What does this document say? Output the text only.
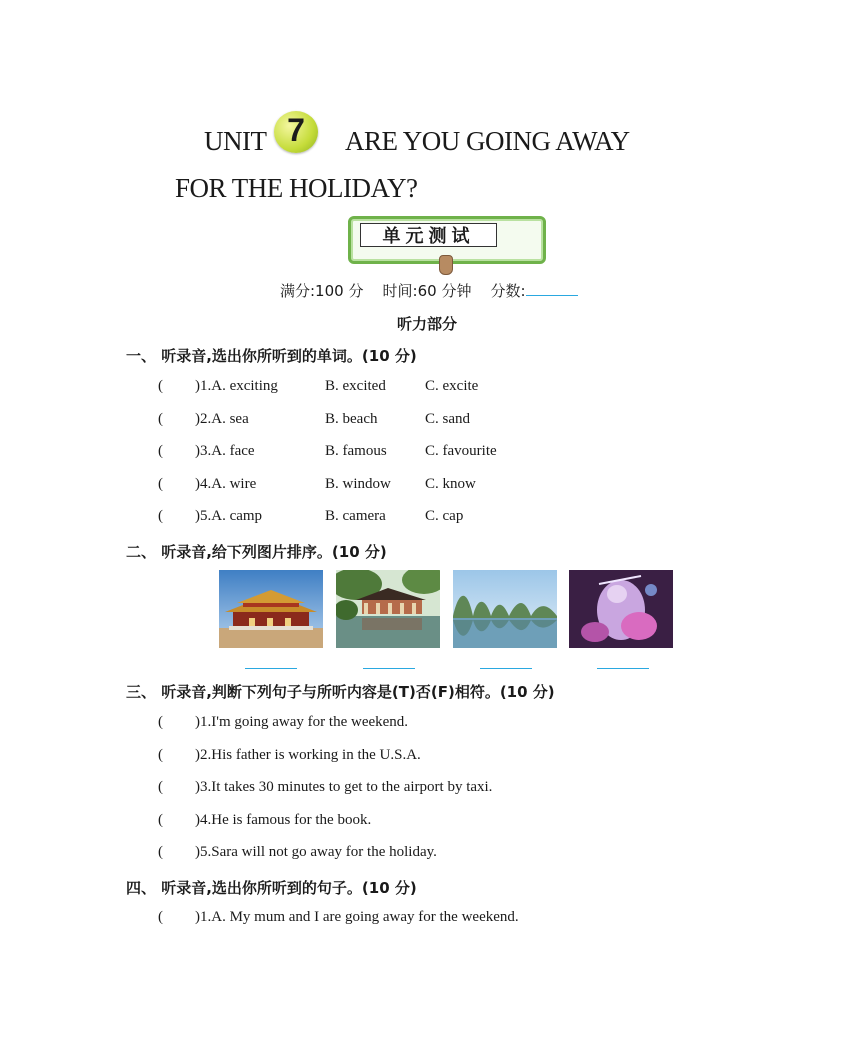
UNIT 7 ARE YOU GOING AWAY
FOR THE HOLIDAY?
单元测试
满分:100 分 时间:60 分钟 分数:
听力部分
一、 听录音,选出你所听到的单词。(10 分)
( )1.A. exciting	B. excited	C. excite
( )2.A. sea	B. beach	C. sand
( )3.A. face	B. famous	C. favourite
( )4.A. wire	B. window C. know
( )5.A. camp	B. camera	C. cap
二、 听录音,给下列图片排序。(10 分)
三、 听录音,判断下列句子与所听内容是(T)否(F)相符。(10 分)
( )1.I'm going away for the weekend.
( )2.His father is working in the U.S.A.
( )3.It takes 30 minutes to get to the airport by taxi.
( )4.He is famous for the book.
( )5.Sara will not go away for the holiday.
四、 听录音,选出你所听到的句子。(10 分)
( )1.A. My mum and I are going away for the weekend.
